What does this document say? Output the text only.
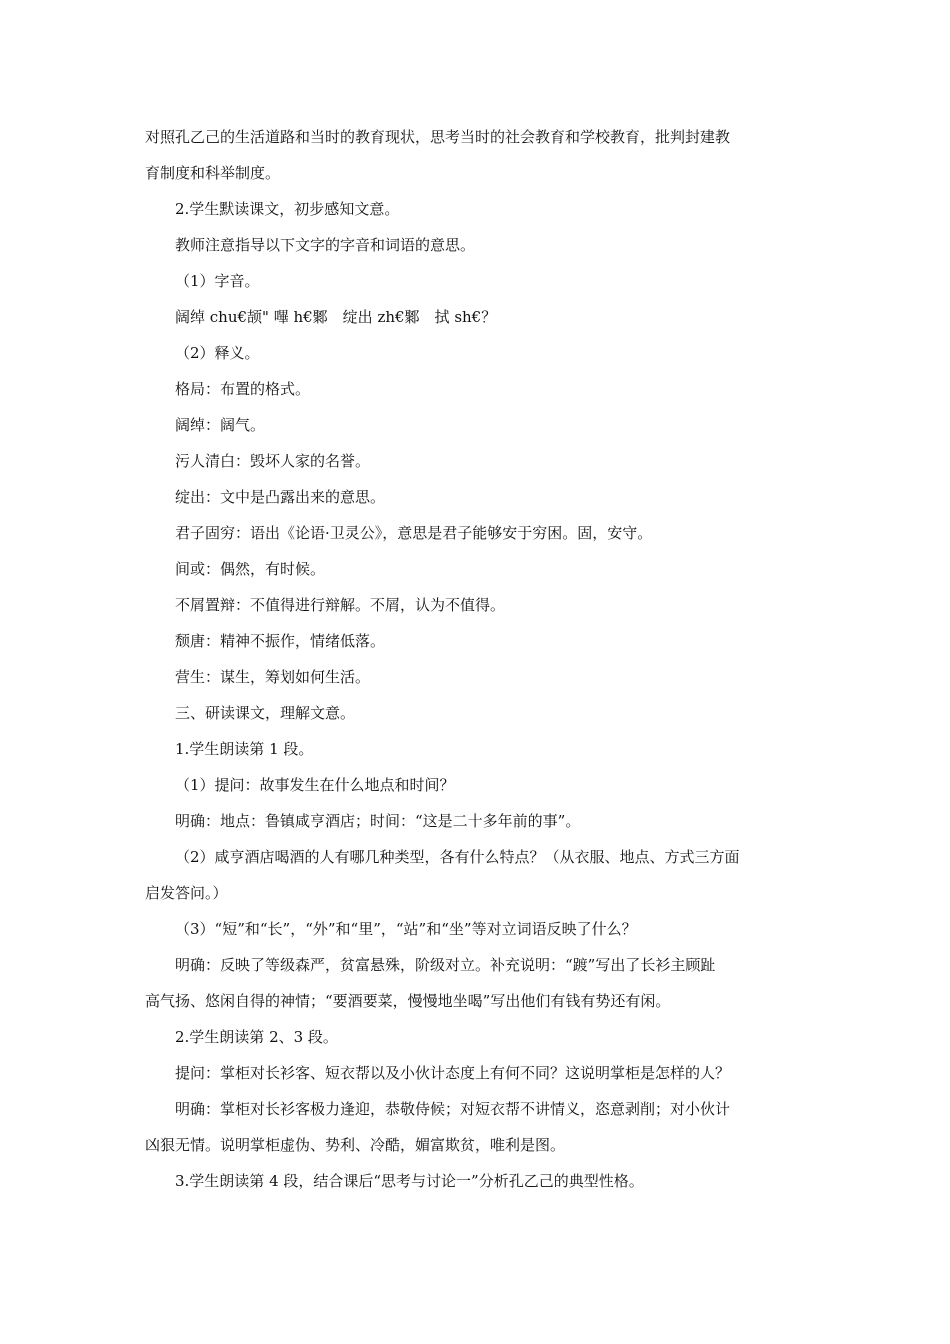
对照孔乙己的生活道路和当时的教育现状，思考当时的社会教育和学校教育，批判封建教
育制度和科举制度。
2.学生默读课文，初步感知文意。
教师注意指导以下文字的字音和词语的意思。
（1）字音。
阔绰 chu€颉" 嗶 h€鄹　绽出 zh€鄹　拭 sh€？
（2）释义。
格局：布置的格式。
阔绰：阔气。
污人清白：毁坏人家的名誉。
绽出：文中是凸露出来的意思。
君子固穷：语出《论语·卫灵公》，意思是君子能够安于穷困。固，安守。
间或：偶然，有时候。
不屑置辩：不值得进行辩解。不屑，认为不值得。
颓唐：精神不振作，情绪低落。
营生：谋生，筹划如何生活。
三、研读课文，理解文意。
1.学生朗读第 1 段。
（1）提问：故事发生在什么地点和时间？
明确：地点：鲁镇咸亨酒店；时间：“这是二十多年前的事”。
（2）咸亨酒店喝酒的人有哪几种类型，各有什么特点？（从衣服、地点、方式三方面
启发答问。）
（3）“短”和“长”，“外”和“里”，“站”和“坐”等对立词语反映了什么？
明确：反映了等级森严，贫富悬殊，阶级对立。补充说明：“踱”写出了长衫主顾趾
高气扬、悠闲自得的神情；“要酒要菜，慢慢地坐喝”写出他们有钱有势还有闲。
2.学生朗读第 2、3 段。
提问：掌柜对长衫客、短衣帮以及小伙计态度上有何不同？这说明掌柜是怎样的人？
明确：掌柜对长衫客极力逢迎，恭敬侍候；对短衣帮不讲情义，恣意剥削；对小伙计
凶狠无情。说明掌柜虚伪、势利、冷酷，媚富欺贫，唯利是图。
3.学生朗读第 4 段，结合课后“思考与讨论一”分析孔乙己的典型性格。
